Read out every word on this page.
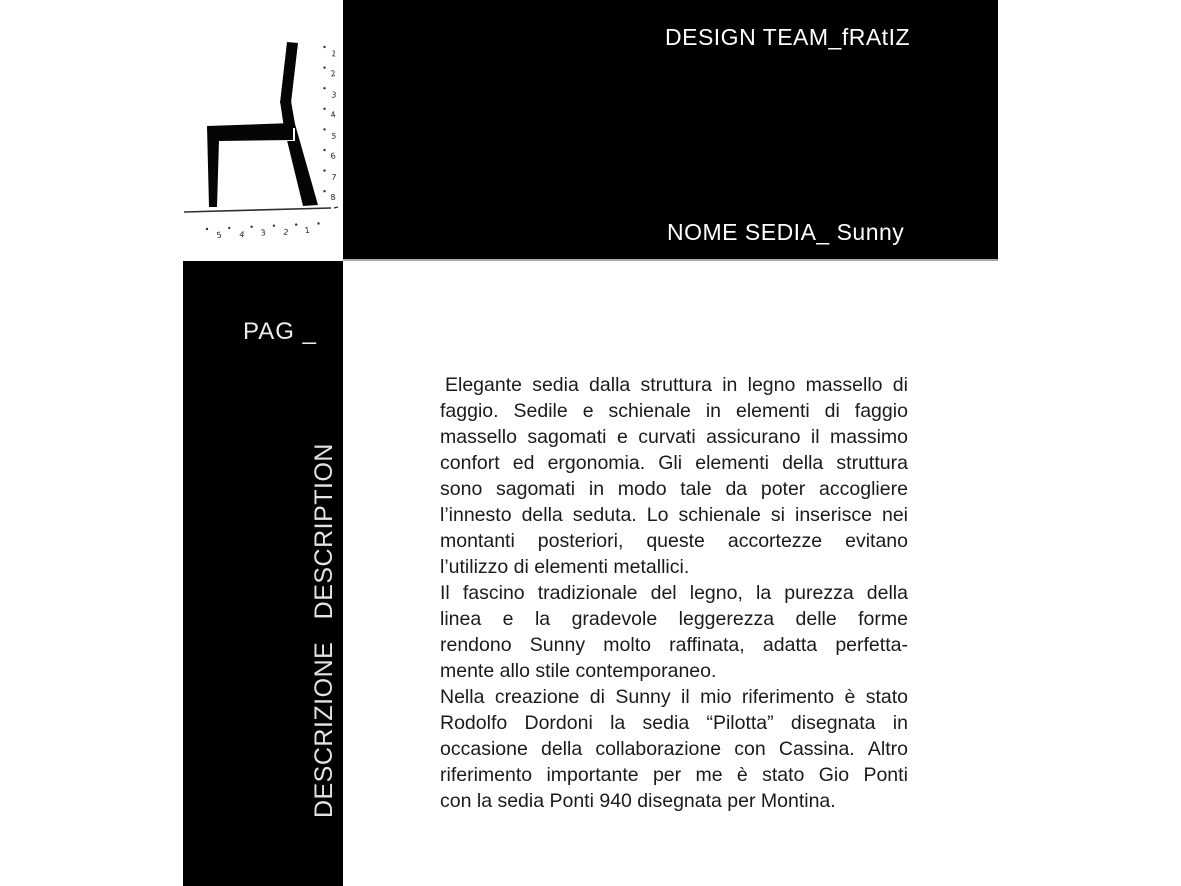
1
2
3
4
5
6
7
8
5 4 3 2 1
DESIGN TEAM_fRAtIZ
NOME SEDIA_ Sunny
PAG _
DESCRIZIONE   DESCRIPTION
Elegante sedia dalla struttura in legno massello di
faggio. Sedile e schienale in elementi di faggio
massello sagomati e curvati assicurano il massimo
confort ed ergonomia. Gli elementi della struttura
sono sagomati in modo tale da poter accogliere
l’innesto della seduta. Lo schienale si inserisce nei
montanti posteriori, queste accortezze evitano
l’utilizzo di elementi metallici.
Il fascino tradizionale del legno, la purezza della
linea e la gradevole leggerezza delle forme
rendono Sunny molto raffinata, adatta perfetta-
mente allo stile contemporaneo.
Nella creazione di Sunny il mio riferimento è stato
Rodolfo Dordoni la sedia “Pilotta” disegnata in
occasione della collaborazione con Cassina. Altro
riferimento importante per me è stato Gio Ponti
con la sedia Ponti 940 disegnata per Montina.
